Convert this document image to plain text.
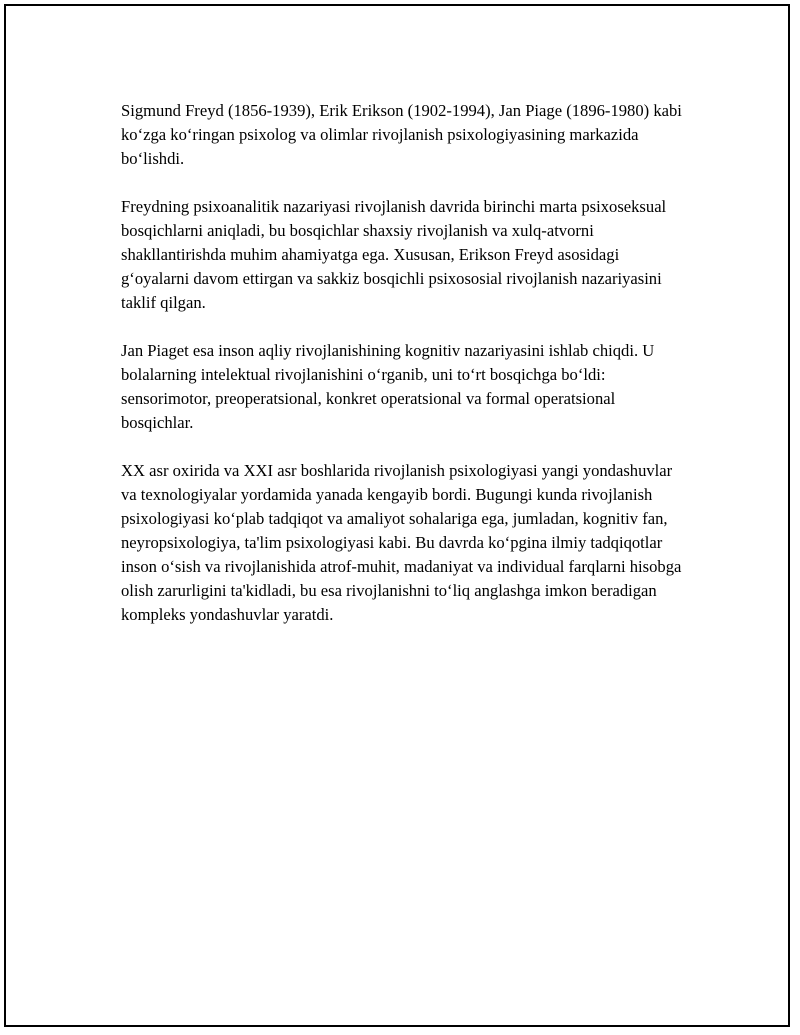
Sigmund Freyd (1856-1939), Erik Erikson (1902-1994), Jan Piage (1896-1980) kabi koʻzga koʻringan psixolog va olimlar rivojlanish psixologiyasining markazida boʻlishdi.

Freydning psixoanalitik nazariyasi rivojlanish davrida birinchi marta psixoseksual bosqichlarni aniqladi, bu bosqichlar shaxsiy rivojlanish va xulq-atvorni shakllantirishda muhim ahamiyatga ega. Xususan, Erikson Freyd asosidagi gʻoyalarni davom ettirgan va sakkiz bosqichli psixososial rivojlanish nazariyasini taklif qilgan.

Jan Piaget esa inson aqliy rivojlanishining kognitiv nazariyasini ishlab chiqdi. U bolalarning intelektual rivojlanishini oʻrganib, uni toʻrt bosqichga boʻldi: sensorimotor, preoperatsional, konkret operatsional va formal operatsional bosqichlar.

XX asr oxirida va XXI asr boshlarida rivojlanish psixologiyasi yangi yondashuvlar va texnologiyalar yordamida yanada kengayib bordi. Bugungi kunda rivojlanish psixologiyasi koʻplab tadqiqot va amaliyot sohalariga ega, jumladan, kognitiv fan, neyropsixologiya, ta'lim psixologiyasi kabi. Bu davrda koʻpgina ilmiy tadqiqotlar inson oʻsish va rivojlanishida atrof-muhit, madaniyat va individual farqlarni hisobga olish zarurligini ta'kidladi, bu esa rivojlanishni toʻliq anglashga imkon beradigan kompleks yondashuvlar yaratdi.
